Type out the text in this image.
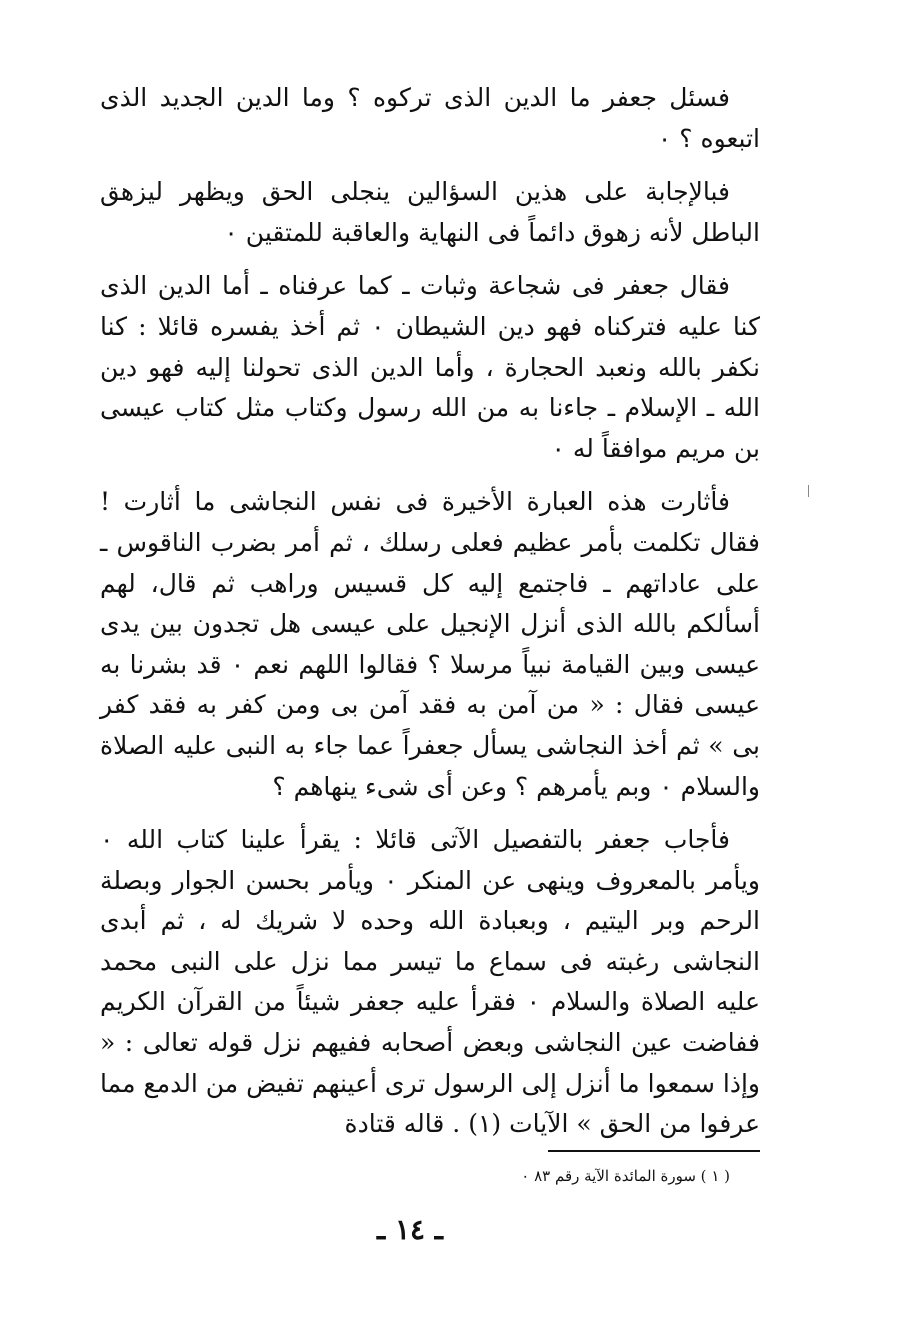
فسئل جعفر ما الدين الذى تركوه ؟ وما الدين الجديد الذى اتبعوه ؟ ٠

فبالإجابة على هذين السؤالين ينجلى الحق ويظهر ليزهق الباطل لأنه زهوق دائماً فى النهاية والعاقبة للمتقين ٠

فقال جعفر فى شجاعة وثبات ـ كما عرفناه ـ أما الدين الذى كنا عليه فتركناه فهو دين الشيطان ٠ ثم أخذ يفسره قائلا : كنا نكفر بالله ونعبد الحجارة ، وأما الدين الذى تحولنا إليه فهو دين الله ـ الإسلام ـ جاءنا به من الله رسول وكتاب مثل كتاب عيسى بن مريم موافقاً له ٠

فأثارت هذه العبارة الأخيرة فى نفس النجاشى ما أثارت ! فقال تكلمت بأمر عظيم فعلى رسلك ، ثم أمر بضرب الناقوس ـ على عاداتهم ـ فاجتمع إليه كل قسيس وراهب ثم قال، لهم أسألكم بالله الذى أنزل الإنجيل على عيسى هل تجدون بين يدى عيسى وبين القيامة نبياً مرسلا ؟ فقالوا اللهم نعم ٠ قد بشرنا به عيسى فقال : « من آمن به فقد آمن بى ومن كفر به فقد كفر بى » ثم أخذ النجاشى يسأل جعفراً عما جاء به النبى عليه الصلاة والسلام ٠ وبم يأمرهم ؟ وعن أى شىء ينهاهم ؟

فأجاب جعفر بالتفصيل الآتى قائلا : يقرأ علينا كتاب الله ٠ ويأمر بالمعروف وينهى عن المنكر ٠ ويأمر بحسن الجوار وبصلة الرحم وبر اليتيم ، وبعبادة الله وحده لا شريك له ، ثم أبدى النجاشى رغبته فى سماع ما تيسر مما نزل على النبى محمد عليه الصلاة والسلام ٠ فقرأ عليه جعفر شيئاً من القرآن الكريم ففاضت عين النجاشى وبعض أصحابه ففيهم نزل قوله تعالى : « وإذا سمعوا ما أنزل إلى الرسول ترى أعينهم تفيض من الدمع مما عرفوا من الحق » الآيات (١) . قاله قتادة

( ١ ) سورة المائدة الآية رقم ٨٣ ٠
ـ ١٤ ـ
